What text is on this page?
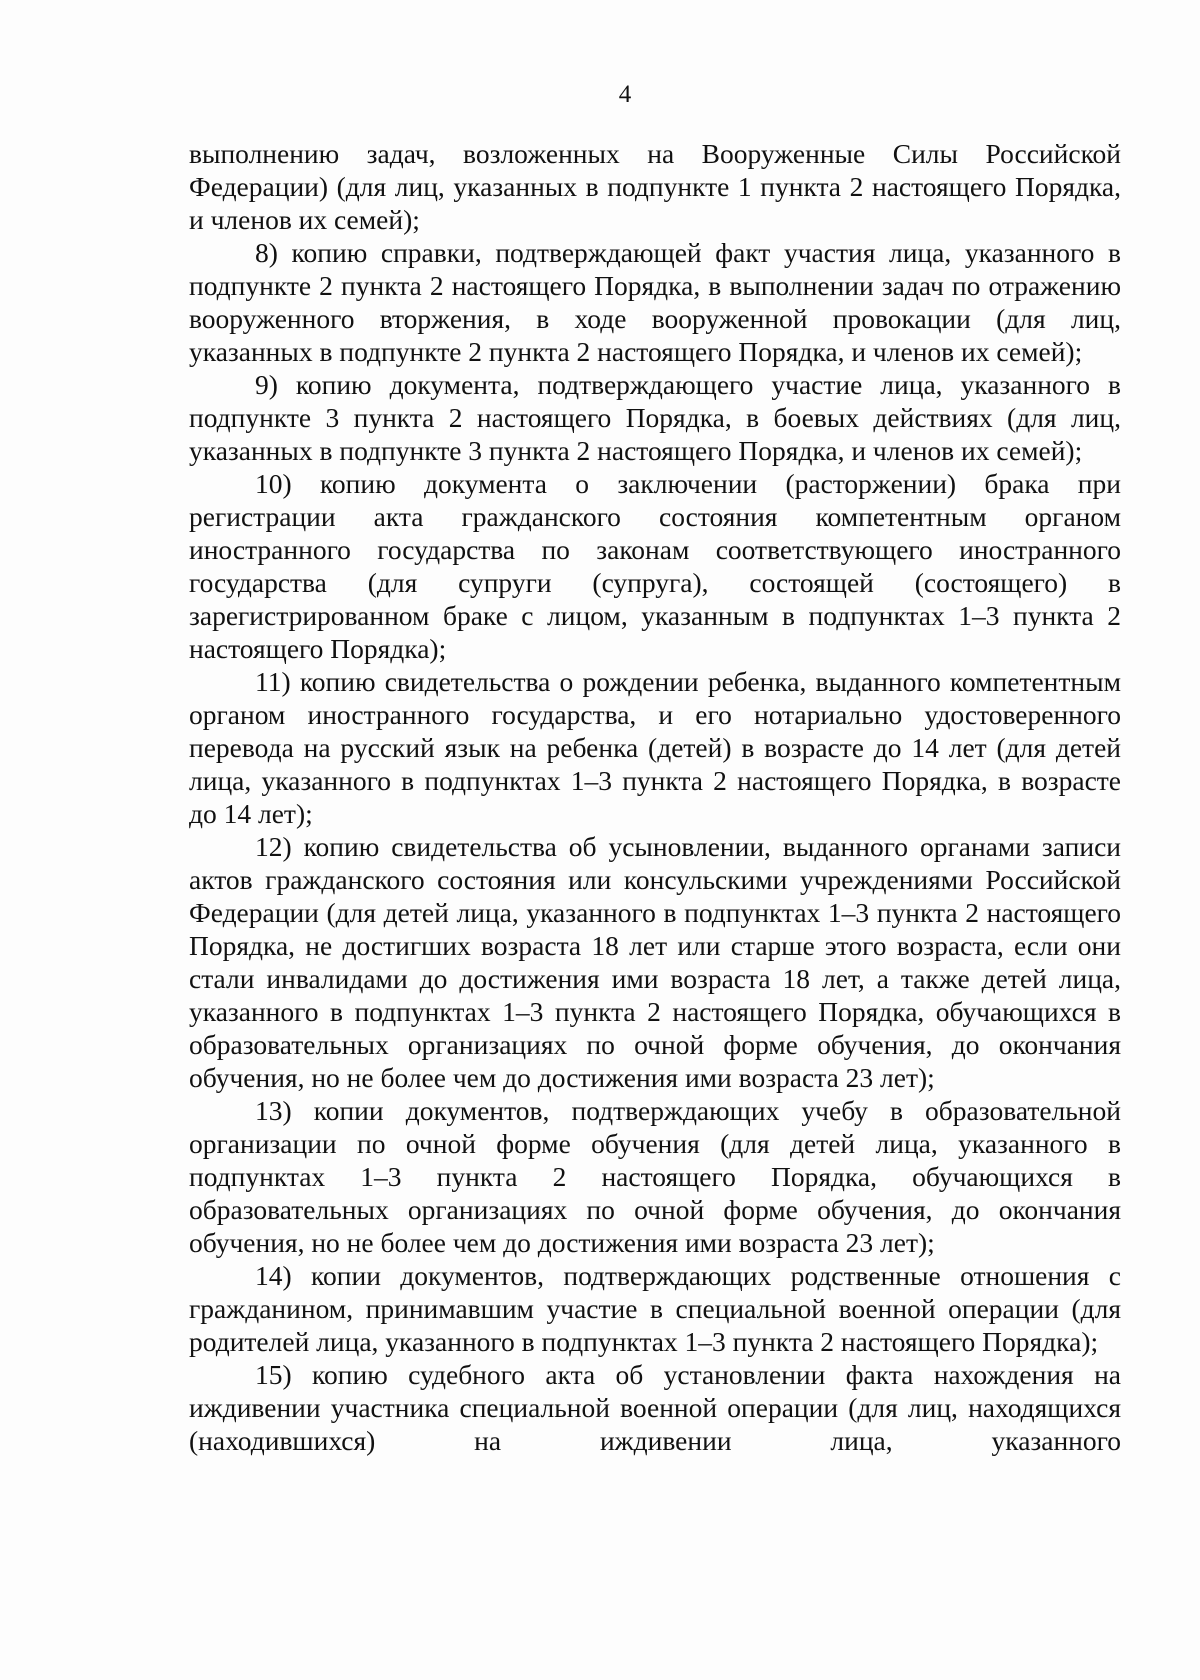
4

выполнению задач, возложенных на Вооруженные Силы Российской Федерации) (для лиц, указанных в подпункте 1 пункта 2 настоящего Порядка, и членов их семей);

8) копию справки, подтверждающей факт участия лица, указанного в подпункте 2 пункта 2 настоящего Порядка, в выполнении задач по отражению вооруженного вторжения, в ходе вооруженной провокации (для лиц, указанных в подпункте 2 пункта 2 настоящего Порядка, и членов их семей);

9) копию документа, подтверждающего участие лица, указанного в подпункте 3 пункта 2 настоящего Порядка, в боевых действиях (для лиц, указанных в подпункте 3 пункта 2 настоящего Порядка, и членов их семей);

10) копию документа о заключении (расторжении) брака при регистрации акта гражданского состояния компетентным органом иностранного государства по законам соответствующего иностранного государства (для супруги (супруга), состоящей (состоящего) в зарегистрированном браке с лицом, указанным в подпунктах 1–3 пункта 2 настоящего Порядка);

11) копию свидетельства о рождении ребенка, выданного компетентным органом иностранного государства, и его нотариально удостоверенного перевода на русский язык на ребенка (детей) в возрасте до 14 лет (для детей лица, указанного в подпунктах 1–3 пункта 2 настоящего Порядка, в возрасте до 14 лет);

12) копию свидетельства об усыновлении, выданного органами записи актов гражданского состояния или консульскими учреждениями Российской Федерации (для детей лица, указанного в подпунктах 1–3 пункта 2 настоящего Порядка, не достигших возраста 18 лет или старше этого возраста, если они стали инвалидами до достижения ими возраста 18 лет, а также детей лица, указанного в подпунктах 1–3 пункта 2 настоящего Порядка, обучающихся в образовательных организациях по очной форме обучения, до окончания обучения, но не более чем до достижения ими возраста 23 лет);

13) копии документов, подтверждающих учебу в образовательной организации по очной форме обучения (для детей лица, указанного в подпунктах 1–3 пункта 2 настоящего Порядка, обучающихся в образовательных организациях по очной форме обучения, до окончания обучения, но не более чем до достижения ими возраста 23 лет);

14) копии документов, подтверждающих родственные отношения с гражданином, принимавшим участие в специальной военной операции (для родителей лица, указанного в подпунктах 1–3 пункта 2 настоящего Порядка);

15) копию судебного акта об установлении факта нахождения на иждивении участника специальной военной операции (для лиц, находящихся (находившихся) на иждивении лица, указанного
